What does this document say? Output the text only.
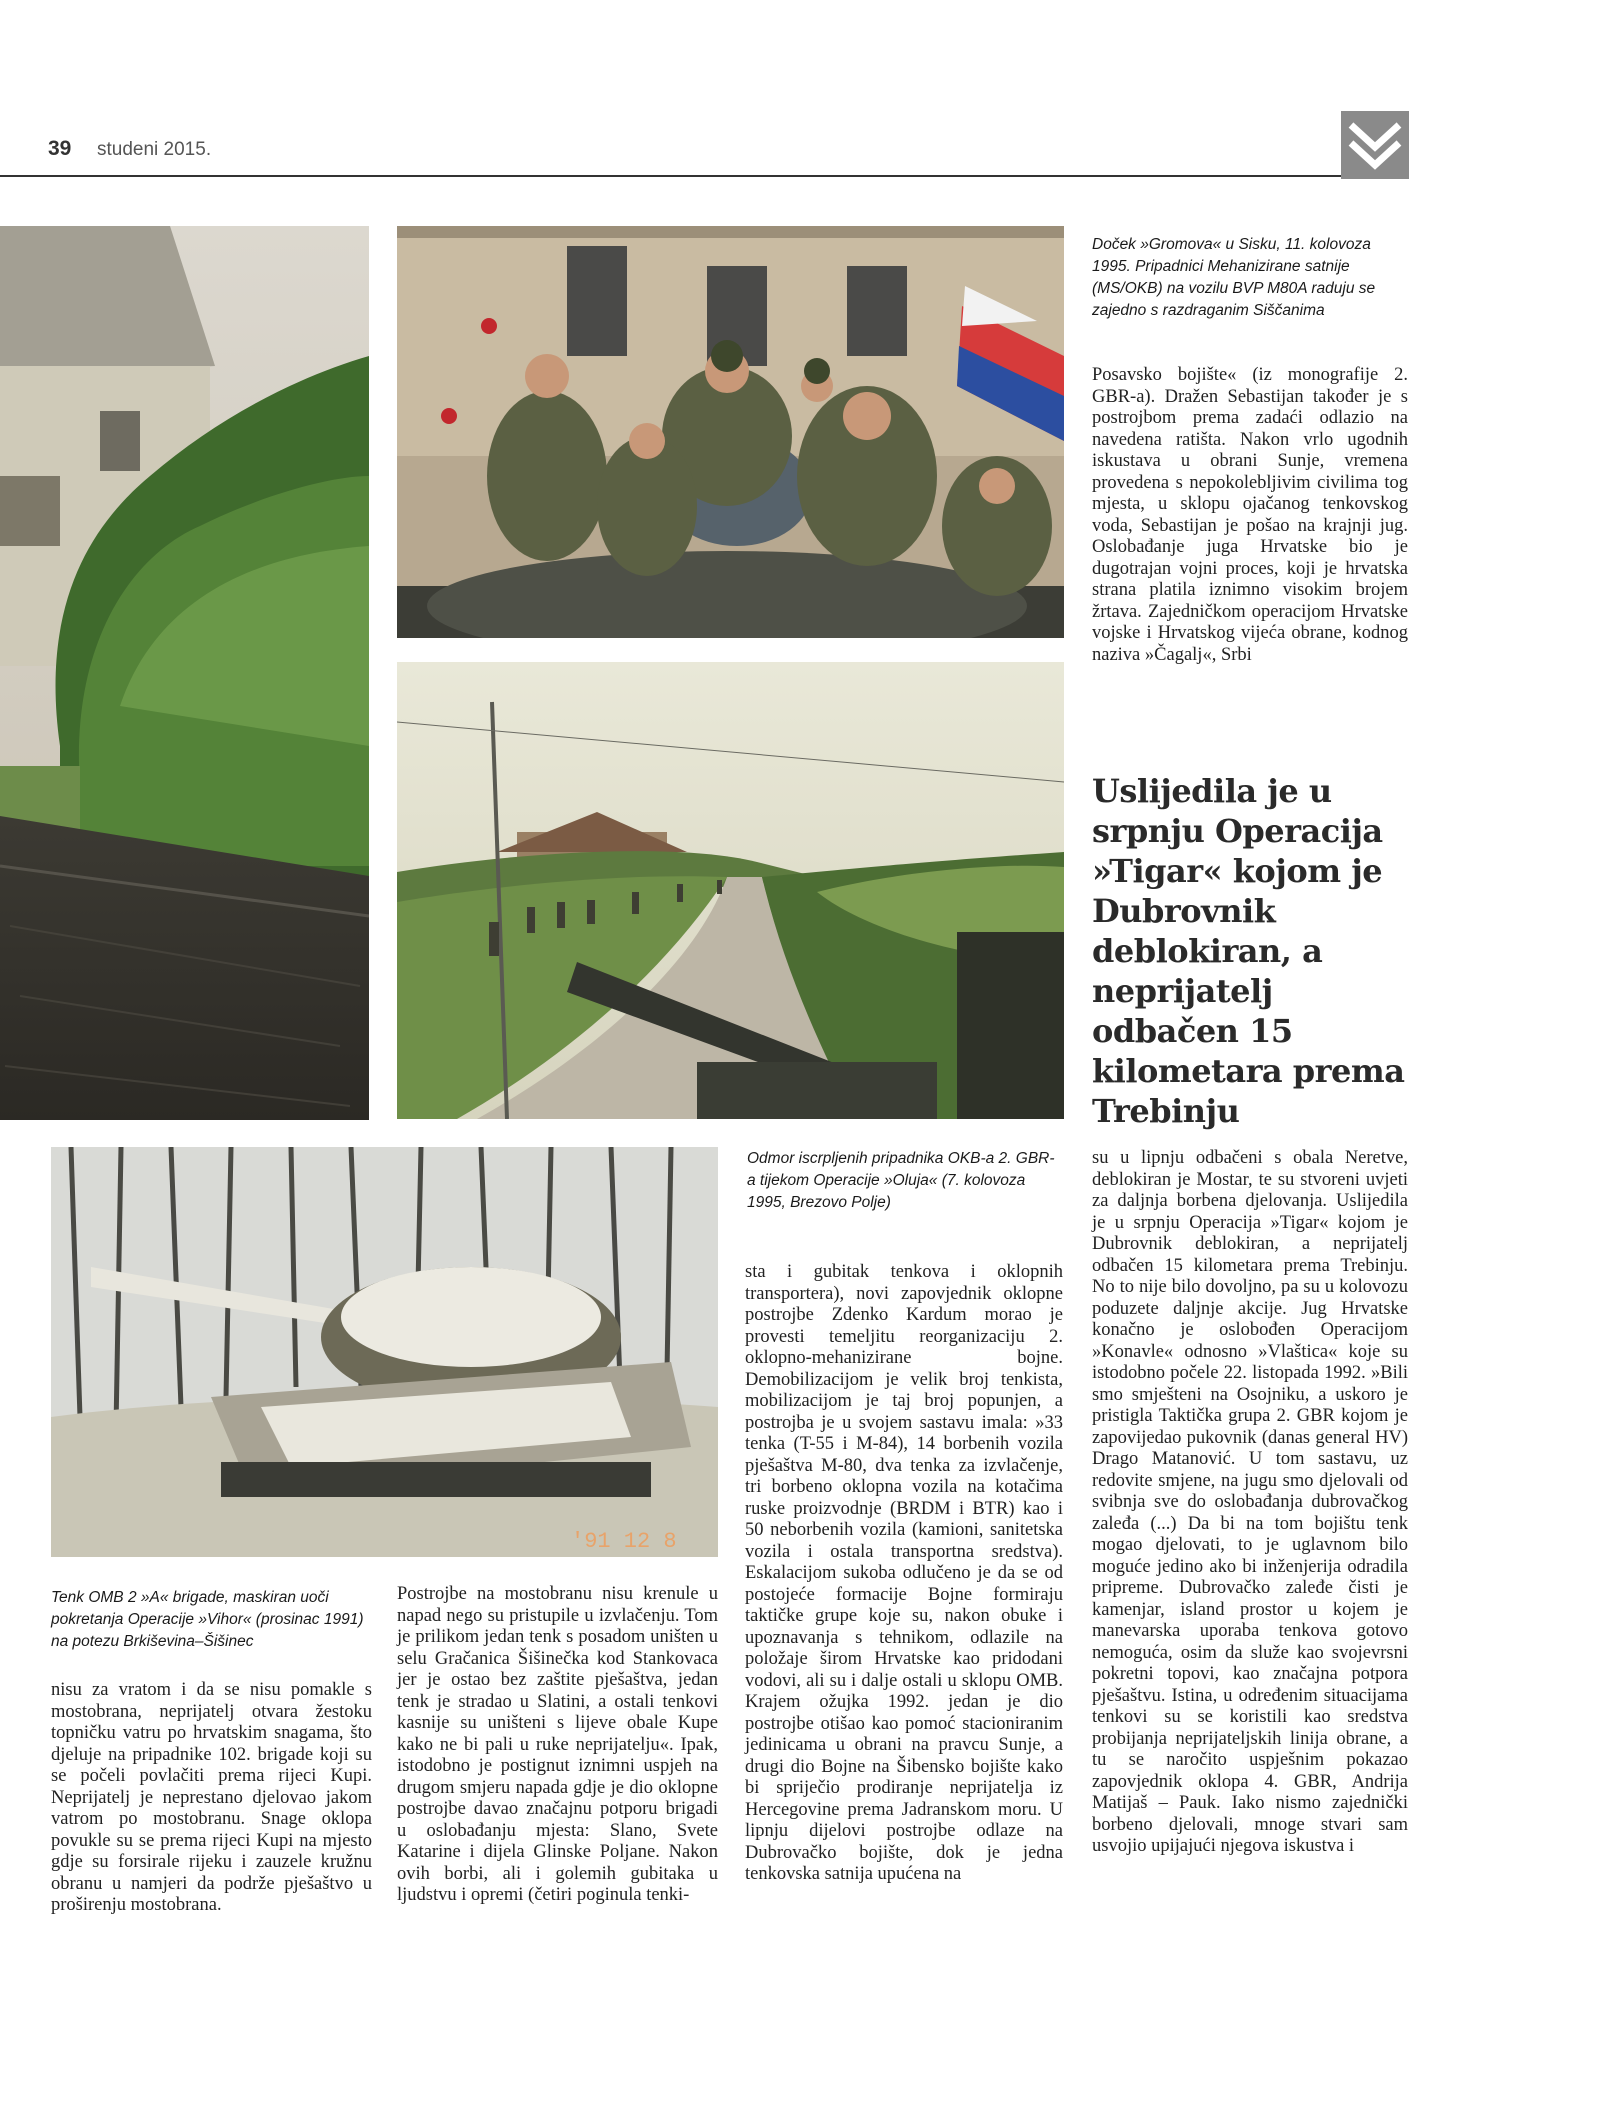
39 studeni 2015.
Doček »Gromova« u Sisku, 11. kolovoza 1995. Pripadnici Mehanizirane satnije (MS/OKB) na vozilu BVP M80A raduju se zajedno s razdraganim Siščanima

Posavsko bojište« (iz monografije 2. GBR-a). Dražen Sebastijan također je s postrojbom prema zadaći odlazio na navedena ratišta. Nakon vrlo ugodnih iskustava u obrani Sunje, vremena provedena s nepokolebljivim civilima tog mjesta, u sklopu ojačanog tenkovskog voda, Sebastijan je pošao na krajnji jug. Oslobađanje juga Hrvatske bio je dugotrajan vojni proces, koji je hrvatska strana platila iznimno visokim brojem žrtava. Zajedničkom operacijom Hrvatske vojske i Hrvatskog vijeća obrane, kodnog naziva »Čagalj«, Srbi

Odmor iscrpljenih pripadnika OKB-a 2. GBR-a tijekom Operacije »Oluja« (7. kolovoza 1995, Brezovo Polje)
Uslijedila je u srpnju Operacija »Tigar« kojom je Dubrovnik deblokiran, a neprijatelj odbačen 15 kilometara prema Trebinju
'91 12 8
Tenk OMB 2 »A« brigade, maskiran uoči pokretanja Operacije »Vihor« (prosinac 1991) na potezu Brkiševina–Šišinec

nisu za vratom i da se nisu pomakle s mostobrana, neprijatelj otvara žestoku topničku vatru po hrvatskim snagama, što djeluje na pripadnike 102. brigade koji su se počeli povlačiti prema rijeci Kupi. Neprijatelj je neprestano djelovao jakom vatrom po mostobranu. Snage oklopa povukle su se prema rijeci Kupi na mjesto gdje su forsirale rijeku i zauzele kružnu obranu u namjeri da podrže pješaštvo u proširenju mostobrana.

Postrojbe na mostobranu nisu krenule u napad nego su pristupile u izvlačenju. Tom je prilikom jedan tenk s posadom uništen u selu Gračanica Šišinečka kod Stankovaca jer je ostao bez zaštite pješaštva, jedan tenk je stradao u Slatini, a ostali tenkovi kasnije su uništeni s lijeve obale Kupe kako ne bi pali u ruke neprijatelju«. Ipak, istodobno je postignut iznimni uspjeh na drugom smjeru napada gdje je dio oklopne postrojbe davao značajnu potporu brigadi u oslobađanju mjesta: Slano, Svete Katarine i dijela Glinske Poljane. Nakon ovih borbi, ali i golemih gubitaka u ljudstvu i opremi (četiri poginula tenki-

sta i gubitak tenkova i oklopnih transportera), novi zapovjednik oklopne postrojbe Zdenko Kardum morao je provesti temeljitu reorganizaciju 2. oklopno-mehanizirane bojne. Demobilizacijom je velik broj tenkista, mobilizacijom je taj broj popunjen, a postrojba je u svojem sastavu imala: »33 tenka (T-55 i M-84), 14 borbenih vozila pješaštva M-80, dva tenka za izvlačenje, tri borbeno oklopna vozila na kotačima ruske proizvodnje (BRDM i BTR) kao i 50 neborbenih vozila (kamioni, sanitetska vozila i ostala transportna sredstva). Eskalacijom sukoba odlučeno je da se od postojeće formacije Bojne formiraju taktičke grupe koje su, nakon obuke i upoznavanja s tehnikom, odlazile na položaje širom Hrvatske kao pridodani vodovi, ali su i dalje ostali u sklopu OMB. Krajem ožujka 1992. jedan je dio postrojbe otišao kao pomoć stacioniranim jedinicama u obrani na pravcu Sunje, a drugi dio Bojne na Šibensko bojište kako bi spriječio prodiranje neprijatelja iz Hercegovine prema Jadranskom moru. U lipnju dijelovi postrojbe odlaze na Dubrovačko bojište, dok je jedna tenkovska satnija upućena na

su u lipnju odbačeni s obala Neretve, deblokiran je Mostar, te su stvoreni uvjeti za daljnja borbena djelovanja. Uslijedila je u srpnju Operacija »Tigar« kojom je Dubrovnik deblokiran, a neprijatelj odbačen 15 kilometara prema Trebinju. No to nije bilo dovoljno, pa su u kolovozu poduzete daljnje akcije. Jug Hrvatske konačno je oslobođen Operacijom »Konavle« odnosno »Vlaštica« koje su istodobno počele 22. listopada 1992. »Bili smo smješteni na Osojniku, a uskoro je pristigla Taktička grupa 2. GBR kojom je zapovijedao pukovnik (danas general HV) Drago Matanović. U tom sastavu, uz redovite smjene, na jugu smo djelovali od svibnja sve do oslobađanja dubrovačkog zaleđa (...) Da bi na tom bojištu tenk mogao djelovati, to je uglavnom bilo moguće jedino ako bi inženjerija odradila pripreme. Dubrovačko zaleđe čisti je kamenjar, island prostor u kojem je manevarska uporaba tenkova gotovo nemoguća, osim da služe kao svojevrsni pokretni topovi, kao značajna potpora pješaštvu. Istina, u određenim situacijama tenkovi su se koristili kao sredstva probijanja neprijateljskih linija obrane, a tu se naročito uspješnim pokazao zapovjednik oklopa 4. GBR, Andrija Matijaš – Pauk. Iako nismo zajednički borbeno djelovali, mnoge stvari sam usvojio upijajući njegova iskustva i
